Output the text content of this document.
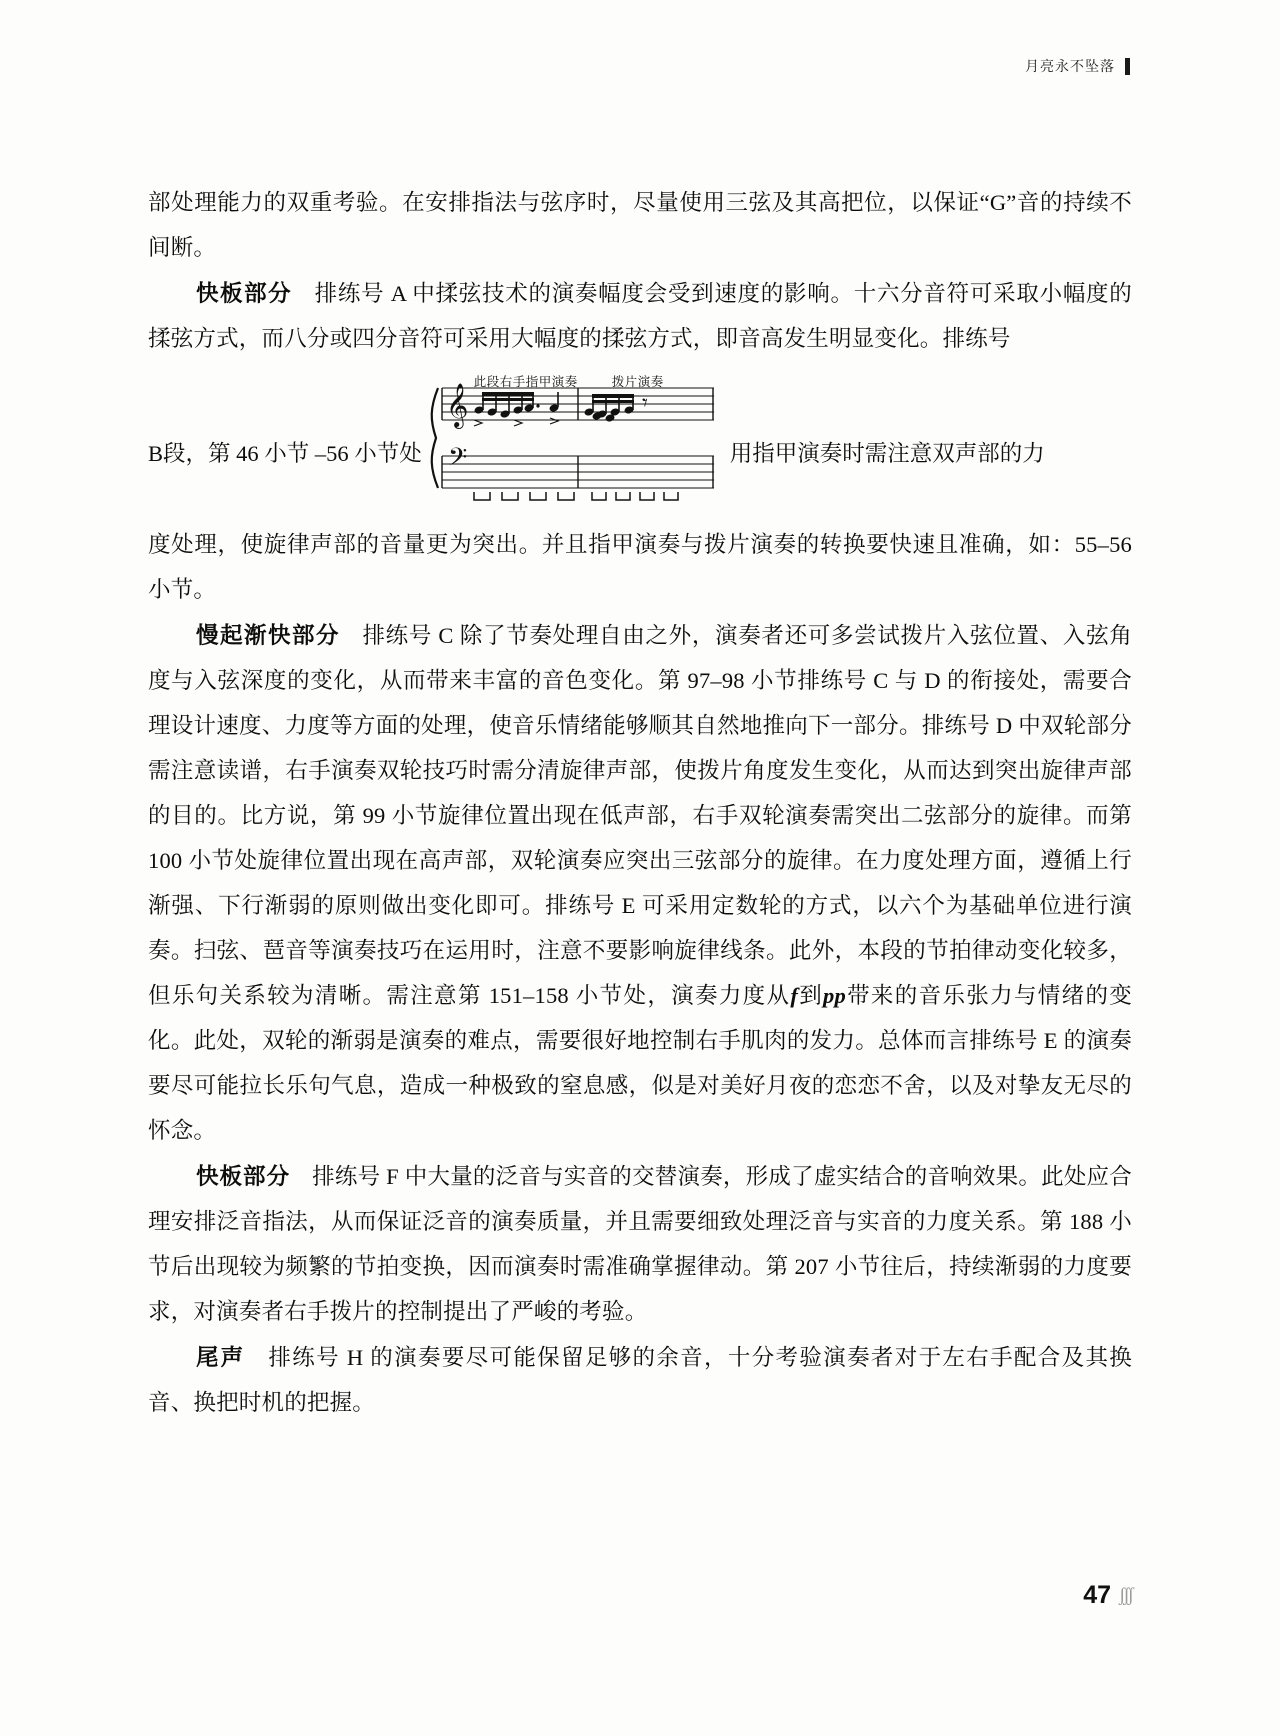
月亮永不坠落

部处理能力的双重考验。在安排指法与弦序时，尽量使用三弦及其高把位，以保证“G”音的持续不间断。

快板部分 排练号 A 中揉弦技术的演奏幅度会受到速度的影响。十六分音符可采取小幅度的揉弦方式，而八分或四分音符可采用大幅度的揉弦方式，即音高发生明显变化。排练号

B段，第 46 小节 –56 小节处
此段右手指甲演奏	拨片演奏
𝄞
𝄢
𝄾
用指甲演奏时需注意双声部的力

度处理，使旋律声部的音量更为突出。并且指甲演奏与拨片演奏的转换要快速且准确，如：55–56 小节。

慢起渐快部分 排练号 C 除了节奏处理自由之外，演奏者还可多尝试拨片入弦位置、入弦角度与入弦深度的变化，从而带来丰富的音色变化。第 97–98 小节排练号 C 与 D 的衔接处，需要合理设计速度、力度等方面的处理，使音乐情绪能够顺其自然地推向下一部分。排练号 D 中双轮部分需注意读谱，右手演奏双轮技巧时需分清旋律声部，使拨片角度发生变化，从而达到突出旋律声部的目的。比方说，第 99 小节旋律位置出现在低声部，右手双轮演奏需突出二弦部分的旋律。而第 100 小节处旋律位置出现在高声部，双轮演奏应突出三弦部分的旋律。在力度处理方面，遵循上行渐强、下行渐弱的原则做出变化即可。排练号 E 可采用定数轮的方式，以六个为基础单位进行演奏。扫弦、琶音等演奏技巧在运用时，注意不要影响旋律线条。此外，本段的节拍律动变化较多，但乐句关系较为清晰。需注意第 151–158 小节处，演奏力度从f到pp带来的音乐张力与情绪的变化。此处，双轮的渐弱是演奏的难点，需要很好地控制右手肌肉的发力。总体而言排练号 E 的演奏要尽可能拉长乐句气息，造成一种极致的窒息感，似是对美好月夜的恋恋不舍，以及对挚友无尽的怀念。

快板部分 排练号 F 中大量的泛音与实音的交替演奏，形成了虚实结合的音响效果。此处应合理安排泛音指法，从而保证泛音的演奏质量，并且需要细致处理泛音与实音的力度关系。第 188 小节后出现较为频繁的节拍变换，因而演奏时需准确掌握律动。第 207 小节往后，持续渐弱的力度要求，对演奏者右手拨片的控制提出了严峻的考验。

尾声 排练号 H 的演奏要尽可能保留足够的余音，十分考验演奏者对于左右手配合及其换音、换把时机的把握。

47 ʃʃʃ
